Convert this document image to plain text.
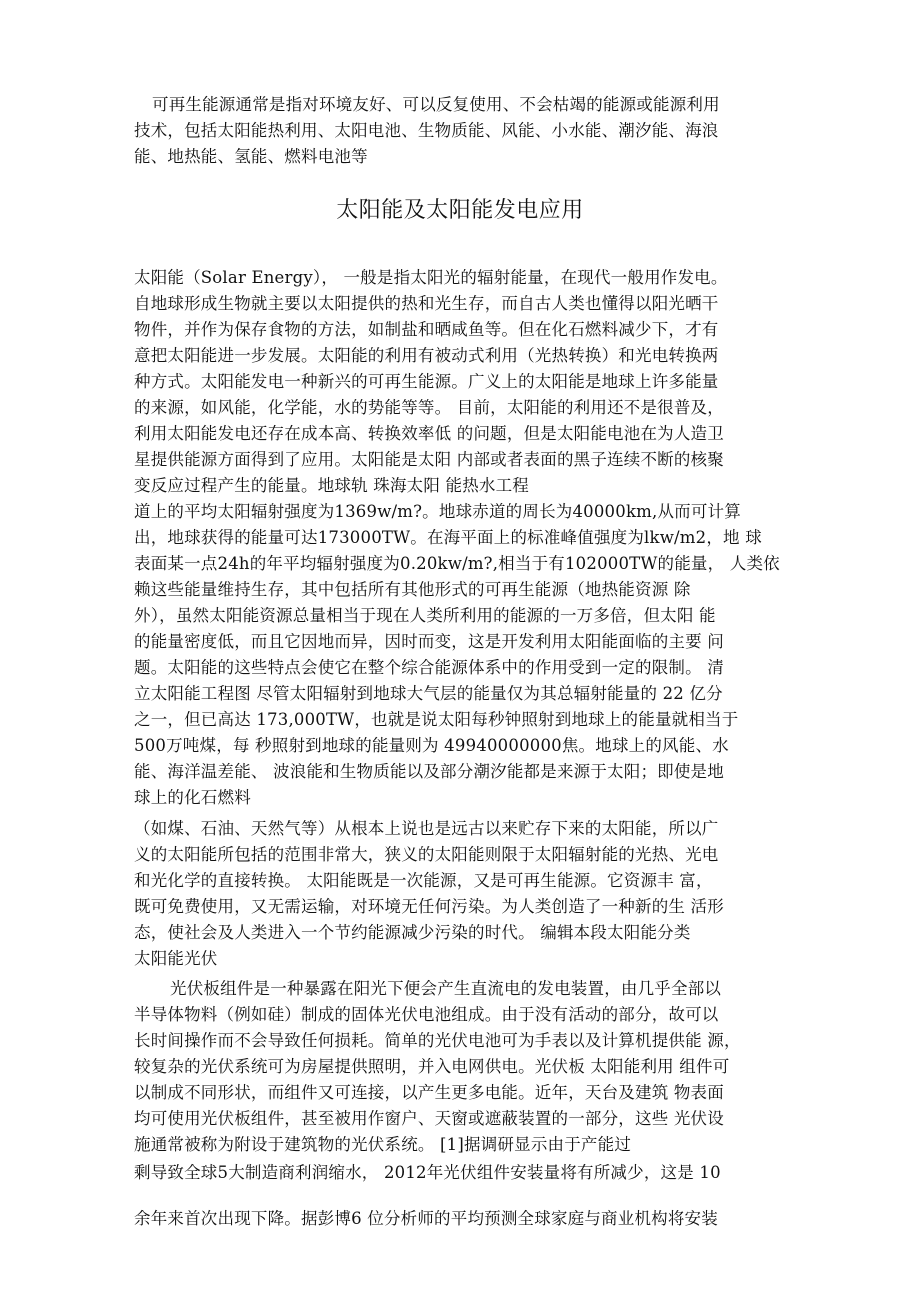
可再生能源通常是指对环境友好、可以反复使用、不会枯竭的能源或能源利用
技术，包括太阳能热利用、太阳电池、生物质能、风能、小水能、潮汐能、海浪
能、地热能、氢能、燃料电池等
太阳能及太阳能发电应用
太阳能（Solar Energy）， 一般是指太阳光的辐射能量，在现代一般用作发电。
自地球形成生物就主要以太阳提供的热和光生存，而自古人类也懂得以阳光晒干
物件，并作为保存食物的方法，如制盐和晒咸鱼等。但在化石燃料减少下，才有
意把太阳能进一步发展。太阳能的利用有被动式利用（光热转换）和光电转换两
种方式。太阳能发电一种新兴的可再生能源。广义上的太阳能是地球上许多能量
的来源，如风能，化学能，水的势能等等。 目前，太阳能的利用还不是很普及，
利用太阳能发电还存在成本高、转换效率低 的问题，但是太阳能电池在为人造卫
星提供能源方面得到了应用。太阳能是太阳 内部或者表面的黑子连续不断的核聚
变反应过程产生的能量。地球轨 珠海太阳 能热水工程
道上的平均太阳辐射强度为1369w/m?。地球赤道的周长为40000km,从而可计算
出，地球获得的能量可达173000TW。在海平面上的标准峰值强度为lkw/m2，地 球
表面某一点24h的年平均辐射强度为0.20kw/m?,相当于有102000TW的能量， 人类依
赖这些能量维持生存，其中包括所有其他形式的可再生能源（地热能资源 除
外），虽然太阳能资源总量相当于现在人类所利用的能源的一万多倍，但太阳 能
的能量密度低，而且它因地而异，因时而变，这是开发利用太阳能面临的主要 问
题。太阳能的这些特点会使它在整个综合能源体系中的作用受到一定的限制。 清
立太阳能工程图 尽管太阳辐射到地球大气层的能量仅为其总辐射能量的 22 亿分
之一，但已高达 173,000TW，也就是说太阳每秒钟照射到地球上的能量就相当于
500万吨煤，每 秒照射到地球的能量则为 49940000000焦。地球上的风能、水
能、海洋温差能、 波浪能和生物质能以及部分潮汐能都是来源于太阳；即使是地
球上的化石燃料
（如煤、石油、天然气等）从根本上说也是远古以来贮存下来的太阳能，所以广
义的太阳能所包括的范围非常大，狭义的太阳能则限于太阳辐射能的光热、光电
和光化学的直接转换。 太阳能既是一次能源，又是可再生能源。它资源丰 富，
既可免费使用，又无需运输，对环境无任何污染。为人类创造了一种新的生 活形
态，使社会及人类进入一个节约能源减少污染的时代。 编辑本段太阳能分类
太阳能光伏
光伏板组件是一种暴露在阳光下便会产生直流电的发电装置，由几乎全部以
半导体物料（例如硅）制成的固体光伏电池组成。由于没有活动的部分，故可以
长时间操作而不会导致任何损耗。简单的光伏电池可为手表以及计算机提供能 源，
较复杂的光伏系统可为房屋提供照明，并入电网供电。光伏板 太阳能利用 组件可
以制成不同形状，而组件又可连接，以产生更多电能。近年，天台及建筑 物表面
均可使用光伏板组件，甚至被用作窗户、天窗或遮蔽装置的一部分，这些 光伏设
施通常被称为附设于建筑物的光伏系统。 [1]据调研显示由于产能过
剩导致全球5大制造商利润缩水， 2012年光伏组件安装量将有所减少，这是 10
余年来首次出现下降。据彭博6 位分析师的平均预测全球家庭与商业机构将安装
